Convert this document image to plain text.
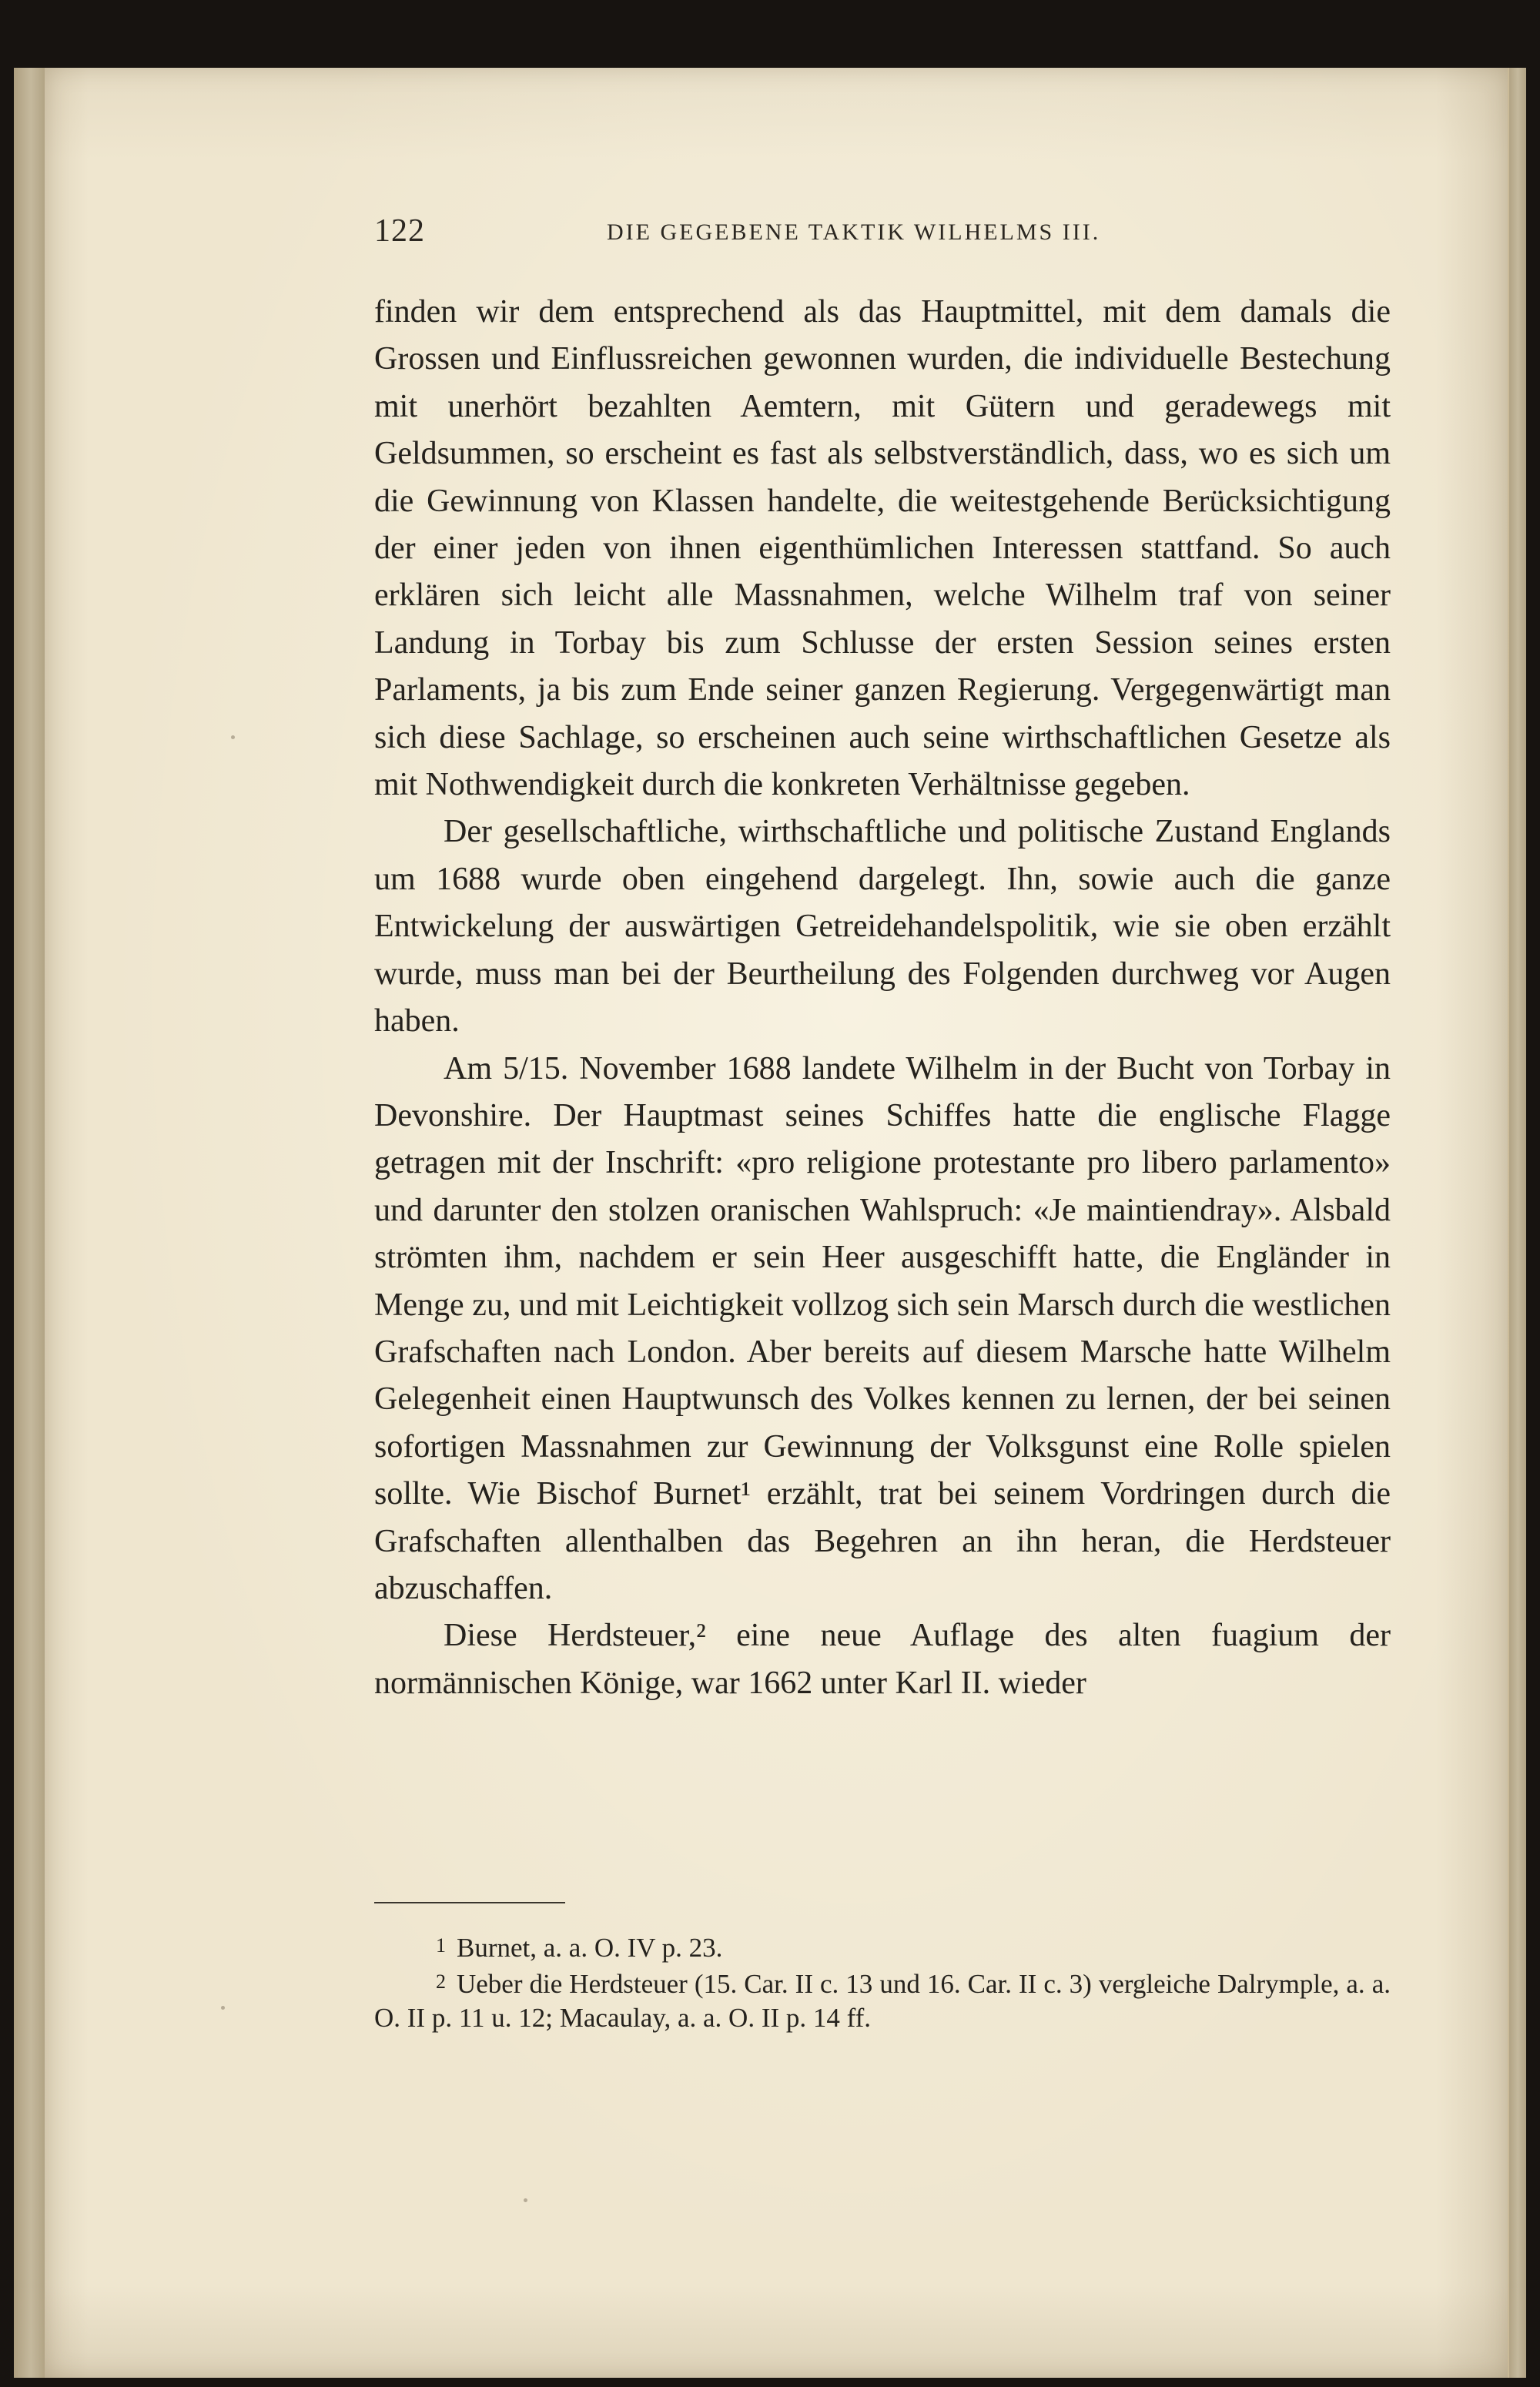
122	DIE GEGEBENE TAKTIK WILHELMS III.

finden wir dem entsprechend als das Hauptmittel, mit dem damals die Grossen und Einflussreichen gewonnen wurden, die individuelle Bestechung mit unerhört bezahlten Aemtern, mit Gütern und geradewegs mit Geldsummen, so erscheint es fast als selbstverständlich, dass, wo es sich um die Gewinnung von Klassen handelte, die weitestgehende Berücksichtigung der einer jeden von ihnen eigenthümlichen Interessen stattfand. So auch erklären sich leicht alle Massnahmen, welche Wilhelm traf von seiner Landung in Torbay bis zum Schlusse der ersten Session seines ersten Parlaments, ja bis zum Ende seiner ganzen Regierung. Vergegenwärtigt man sich diese Sachlage, so erscheinen auch seine wirthschaftlichen Gesetze als mit Nothwendigkeit durch die konkreten Verhältnisse gegeben.

Der gesellschaftliche, wirthschaftliche und politische Zustand Englands um 1688 wurde oben eingehend dargelegt. Ihn, sowie auch die ganze Entwickelung der auswärtigen Getreidehandelspolitik, wie sie oben erzählt wurde, muss man bei der Beurtheilung des Folgenden durchweg vor Augen haben.

Am 5/15. November 1688 landete Wilhelm in der Bucht von Torbay in Devonshire. Der Hauptmast seines Schiffes hatte die englische Flagge getragen mit der Inschrift: «pro religione protestante pro libero parlamento» und darunter den stolzen oranischen Wahlspruch: «Je maintiendray». Alsbald strömten ihm, nachdem er sein Heer ausgeschifft hatte, die Engländer in Menge zu, und mit Leichtigkeit vollzog sich sein Marsch durch die westlichen Grafschaften nach London. Aber bereits auf diesem Marsche hatte Wilhelm Gelegenheit einen Hauptwunsch des Volkes kennen zu lernen, der bei seinen sofortigen Massnahmen zur Gewinnung der Volksgunst eine Rolle spielen sollte. Wie Bischof Burnet¹ erzählt, trat bei seinem Vordringen durch die Grafschaften allenthalben das Begehren an ihn heran, die Herdsteuer abzuschaffen.

Diese Herdsteuer,² eine neue Auflage des alten fuagium der normännischen Könige, war 1662 unter Karl II. wieder

1 Burnet, a. a. O. IV p. 23.

2 Ueber die Herdsteuer (15. Car. II c. 13 und 16. Car. II c. 3) vergleiche Dalrymple, a. a. O. II p. 11 u. 12; Macaulay, a. a. O. II p. 14 ff.
